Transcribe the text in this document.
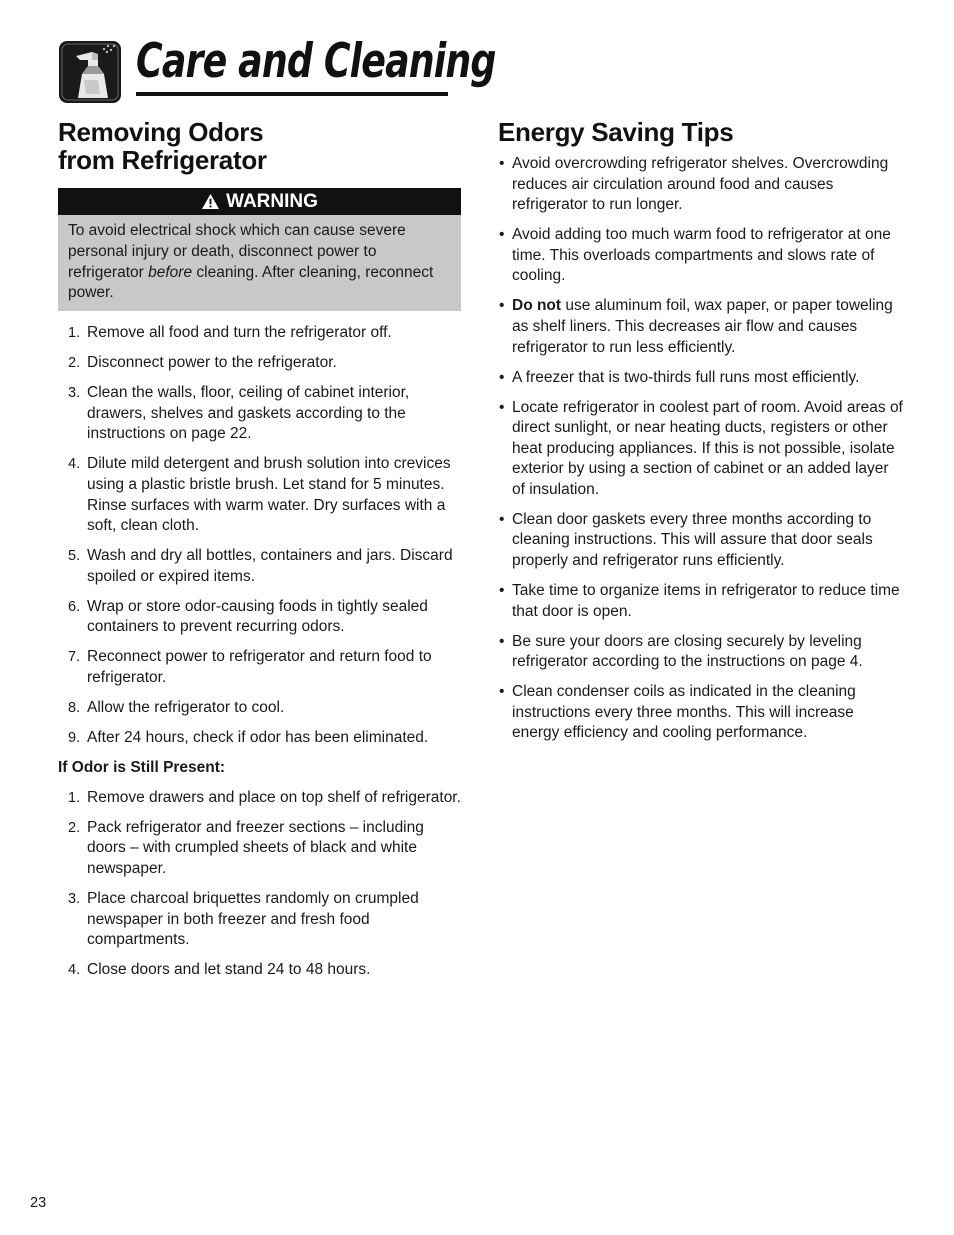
Care and Cleaning
Removing Odors
from Refrigerator
WARNING
To avoid electrical shock which can cause severe personal injury or death, disconnect power to refrigerator before cleaning. After cleaning, reconnect power.
1. Remove all food and turn the refrigerator off.
2. Disconnect power to the refrigerator.
3. Clean the walls, floor, ceiling of cabinet interior, drawers, shelves and gaskets according to the instructions on page 22.
4. Dilute mild detergent and brush solution into crevices using a plastic bristle brush. Let stand for 5 minutes. Rinse surfaces with warm water. Dry surfaces with a soft, clean cloth.
5. Wash and dry all bottles, containers and jars. Discard spoiled or expired items.
6. Wrap or store odor-causing foods in tightly sealed containers to prevent recurring odors.
7. Reconnect power to refrigerator and return food to refrigerator.
8. Allow the refrigerator to cool.
9. After 24 hours, check if odor has been eliminated.

If Odor is Still Present:

1. Remove drawers and place on top shelf of refrigerator.
2. Pack refrigerator and freezer sections – including doors – with crumpled sheets of black and white newspaper.
3. Place charcoal briquettes randomly on crumpled newspaper in both freezer and fresh food compartments.
4. Close doors and let stand 24 to 48 hours.
Energy Saving Tips
• Avoid overcrowding refrigerator shelves. Overcrowding reduces air circulation around food and causes refrigerator to run longer.
• Avoid adding too much warm food to refrigerator at one time. This overloads compartments and slows rate of cooling.
• Do not use aluminum foil, wax paper, or paper toweling as shelf liners. This decreases air flow and causes refrigerator to run less efficiently.
• A freezer that is two-thirds full runs most efficiently.
• Locate refrigerator in coolest part of room. Avoid areas of direct sunlight, or near heating ducts, registers or other heat producing appliances. If this is not possible, isolate exterior by using a section of cabinet or an added layer of insulation.
• Clean door gaskets every three months according to cleaning instructions. This will assure that door seals properly and refrigerator runs efficiently.
• Take time to organize items in refrigerator to reduce time that door is open.
• Be sure your doors are closing securely by leveling refrigerator according to the instructions on page 4.
• Clean condenser coils as indicated in the cleaning instructions every three months. This will increase energy efficiency and cooling performance.
23
